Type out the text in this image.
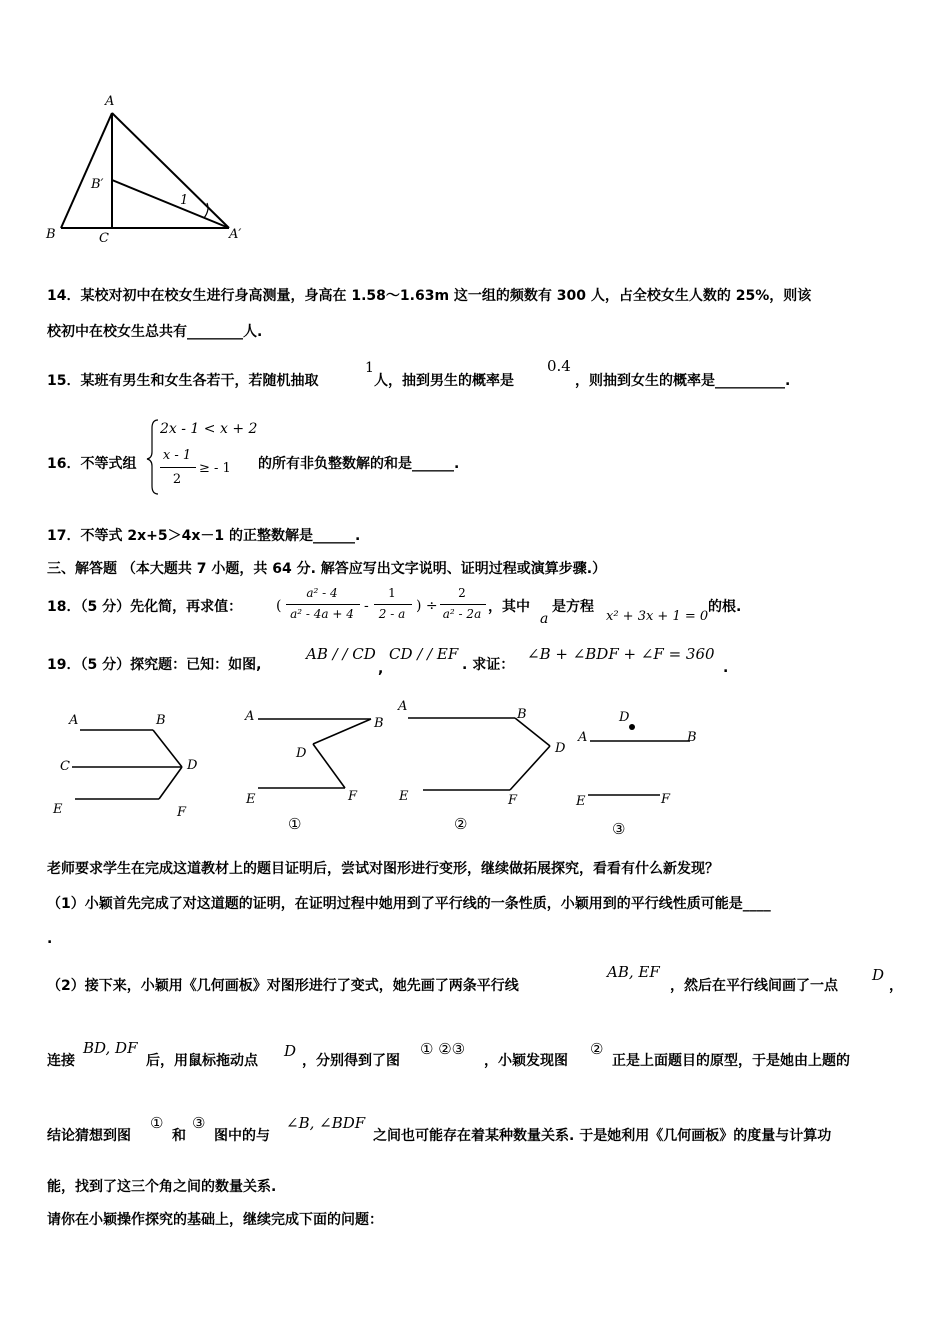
A
B′
B	C	A′
1
14．某校对初中在校女生进行身高测量，身高在 1.58～1.63m 这一组的频数有 300 人，占全校女生人数的 25%，则该
校初中在校女生总共有________人.
15．某班有男生和女生各若干，若随机抽取
1
人，抽到男生的概率是
0.4
，则抽到女生的概率是__________.
16．不等式组
2x - 1 < x + 2
x - 1
2
≥ - 1 的所有非负整数解的和是______.
17．不等式 2x+5＞4x－1 的正整数解是______.
三、解答题 （本大题共 7 小题，共 64 分. 解答应写出文字说明、证明过程或演算步骤.）
18．（5 分）先化简，再求值： (
a² - 4
a² - 4a + 4 -
1
2 - a ) ÷
2
a² - 2a ，其中
a
是方程
x² + 3x + 1 = 0
的根.
19．（5 分）探究题：已知：如图,
AB / / CD
,
CD / / EF
. 求证：
∠B + ∠BDF + ∠F = 360
.
A	B
C	D
E	F
A	B
D
E	F
①
A
B
D
E	F
②
D
A	B
E	F
③
老师要求学生在完成这道教材上的题目证明后，尝试对图形进行变形，继续做拓展探究，看看有什么新发现？
（1）小颖首先完成了对这道题的证明，在证明过程中她用到了平行线的一条性质，小颖用到的平行线性质可能是____
.
（2）接下来，小颖用《几何画板》对图形进行了变式，她先画了两条平行线
AB, EF
，然后在平行线间画了一点
D
，
连接
BD, DF
后，用鼠标拖动点
D
，分别得到了图
① ②③
，小颖发现图
②
正是上面题目的原型，于是她由上题的
结论猜想到图
①
和
③
图中的与
∠B, ∠BDF
之间也可能存在着某种数量关系. 于是她利用《几何画板》的度量与计算功
能，找到了这三个角之间的数量关系.
请你在小颖操作探究的基础上，继续完成下面的问题：
